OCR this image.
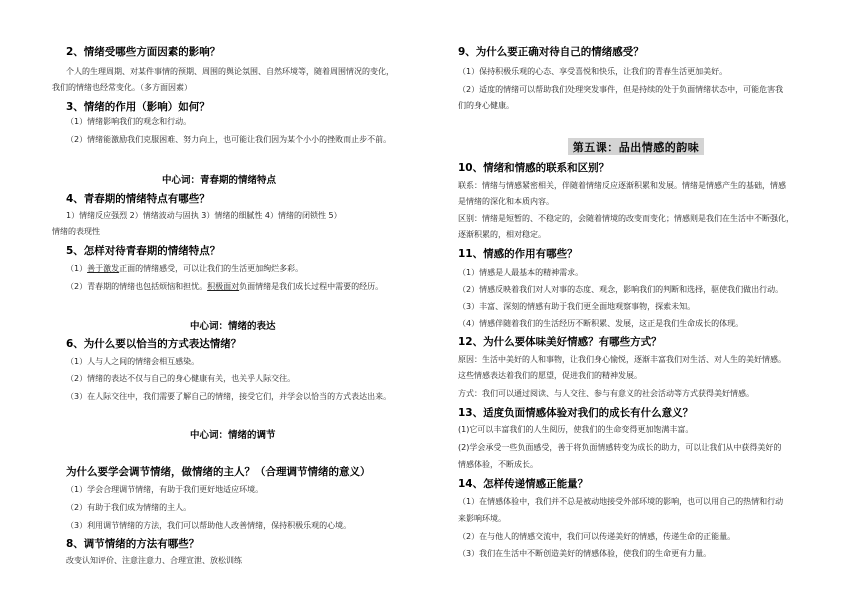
2、情绪受哪些方面因素的影响？
个人的生理周期、对某件事情的预期、周围的舆论氛围、自然环境等，随着周围情况的变化，
我们的情绪也经常变化。（多方面因素）
3、情绪的作用（影响）如何？
（1）情绪影响我们的观念和行动。
（2）情绪能激励我们克服困难、努力向上，也可能让我们因为某个小小的挫败而止步不前。
中心词：青春期的情绪特点
4、青春期的情绪特点有哪些？
1）情绪反应强烈 2）情绪波动与固执 3）情绪的细腻性 4）情绪的闭锁性 5）
情绪的表现性
5、怎样对待青春期的情绪特点？
（1）善于激发正面的情绪感受，可以让我们的生活更加绚烂多彩。
（2）青春期的情绪也包括烦恼和担忧。积极面对负面情绪是我们成长过程中需要的经历。
中心词：情绪的表达
6、为什么要以恰当的方式表达情绪？
（1）人与人之间的情绪会相互感染。
（2）情绪的表达不仅与自己的身心健康有关，也关乎人际交往。
（3）在人际交往中，我们需要了解自己的情绪，接受它们，并学会以恰当的方式表达出来。
中心词：情绪的调节
为什么要学会调节情绪，做情绪的主人？（合理调节情绪的意义）
（1）学会合理调节情绪，有助于我们更好地适应环境。
（2）有助于我们成为情绪的主人。
（3）利用调节情绪的方法，我们可以帮助他人改善情绪，保持积极乐观的心境。
8、调节情绪的方法有哪些？
改变认知评价、注意注意力、合理宣泄、放松训练
9、为什么要正确对待自己的情绪感受？
（1）保持积极乐观的心态、享受喜悦和快乐，让我们的青春生活更加美好。
（2）适度的情绪可以帮助我们处理突发事件，但是持续的处于负面情绪状态中，可能危害我
们的身心健康。
第五课：品出情感的韵味
10、情绪和情感的联系和区别？
联系：情绪与情感紧密相关，伴随着情绪反应逐渐积累和发展。情绪是情感产生的基础，情感
是情绪的深化和本质内容。
区别：情绪是短暂的、不稳定的，会随着情境的改变而变化；情感则是我们在生活中不断强化，
逐渐积累的，相对稳定。
11、情感的作用有哪些？
（1）情感是人最基本的精神需求。
（2）情感反映着我们对人对事的态度、观念，影响我们的判断和选择，驱使我们做出行动。
（3）丰富、深刻的情感有助于我们更全面地观察事物，探索未知。
（4）情感伴随着我们的生活经历不断积累、发展，这正是我们生命成长的体现。
12、为什么要体味美好情感？有哪些方式？
原因：生活中美好的人和事物，让我们身心愉悦，逐渐丰富我们对生活、对人生的美好情感。
这些情感表达着我们的愿望，促进我们的精神发展。
方式：我们可以通过阅读、与人交往、参与有意义的社会活动等方式获得美好情感。
13、适度负面情感体验对我们的成长有什么意义？
(1)它可以丰富我们的人生阅历，使我们的生命变得更加饱满丰富。
(2)学会承受一些负面感受，善于将负面情感转变为成长的助力，可以让我们从中获得美好的
情感体验，不断成长。
14、怎样传递情感正能量？
（1）在情感体验中，我们并不总是被动地接受外部环境的影响，也可以用自己的热情和行动
来影响环境。
（2）在与他人的情感交流中，我们可以传递美好的情感，传递生命的正能量。
（3）我们在生活中不断创造美好的情感体验，使我们的生命更有力量。
